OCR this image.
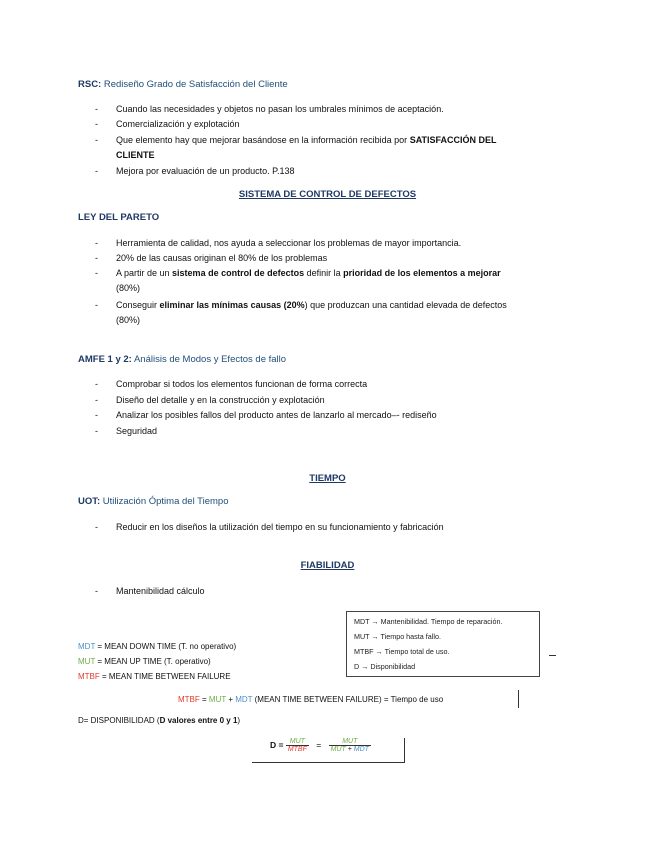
RSC: Rediseño Grado de Satisfacción del Cliente
- Cuando las necesidades y objetos no pasan los umbrales mínimos de aceptación.
- Comercialización y explotación
- Que elemento hay que mejorar basándose en la información recibida por SATISFACCIÓN DEL
CLIENTE
- Mejora por evaluación de un producto. P.138
SISTEMA DE CONTROL DE DEFECTOS
LEY DEL PARETO
- Herramienta de calidad, nos ayuda a seleccionar los problemas de mayor importancia.
- 20% de las causas originan el 80% de los problemas
- A partir de un sistema de control de defectos definir la prioridad de los elementos a mejorar
(80%)
- Conseguir eliminar las mínimas causas (20%) que produzcan una cantidad elevada de defectos
(80%)
AMFE 1 y 2: Análisis de Modos y Efectos de fallo
- Comprobar si todos los elementos funcionan de forma correcta
- Diseño del detalle y en la construcción y explotación
- Analizar los posibles fallos del producto antes de lanzarlo al mercado–- rediseño
- Seguridad
TIEMPO
UOT: Utilización Óptima del Tiempo
- Reducir en los diseños la utilización del tiempo en su funcionamiento y fabricación
FIABILIDAD
- Mantenibilidad cálculo
MDT → Mantenibilidad. Tiempo de reparación.
MUT → Tiempo hasta fallo.
MTBF → Tiempo total de uso.
D → Disponibilidad
MDT = MEAN DOWN TIME (T. no operativo)
MUT = MEAN UP TIME (T. operativo)
MTBF = MEAN TIME BETWEEN FAILURE
MTBF = MUT + MDT (MEAN TIME BETWEEN FAILURE) = Tiempo de uso
D= DISPONIBILIDAD (D valores entre 0 y 1)
$D = \frac{\text{MUT}}{\text{MTBF}} = \frac{\text{MUT}}{\text{MUT + MDT}}$
